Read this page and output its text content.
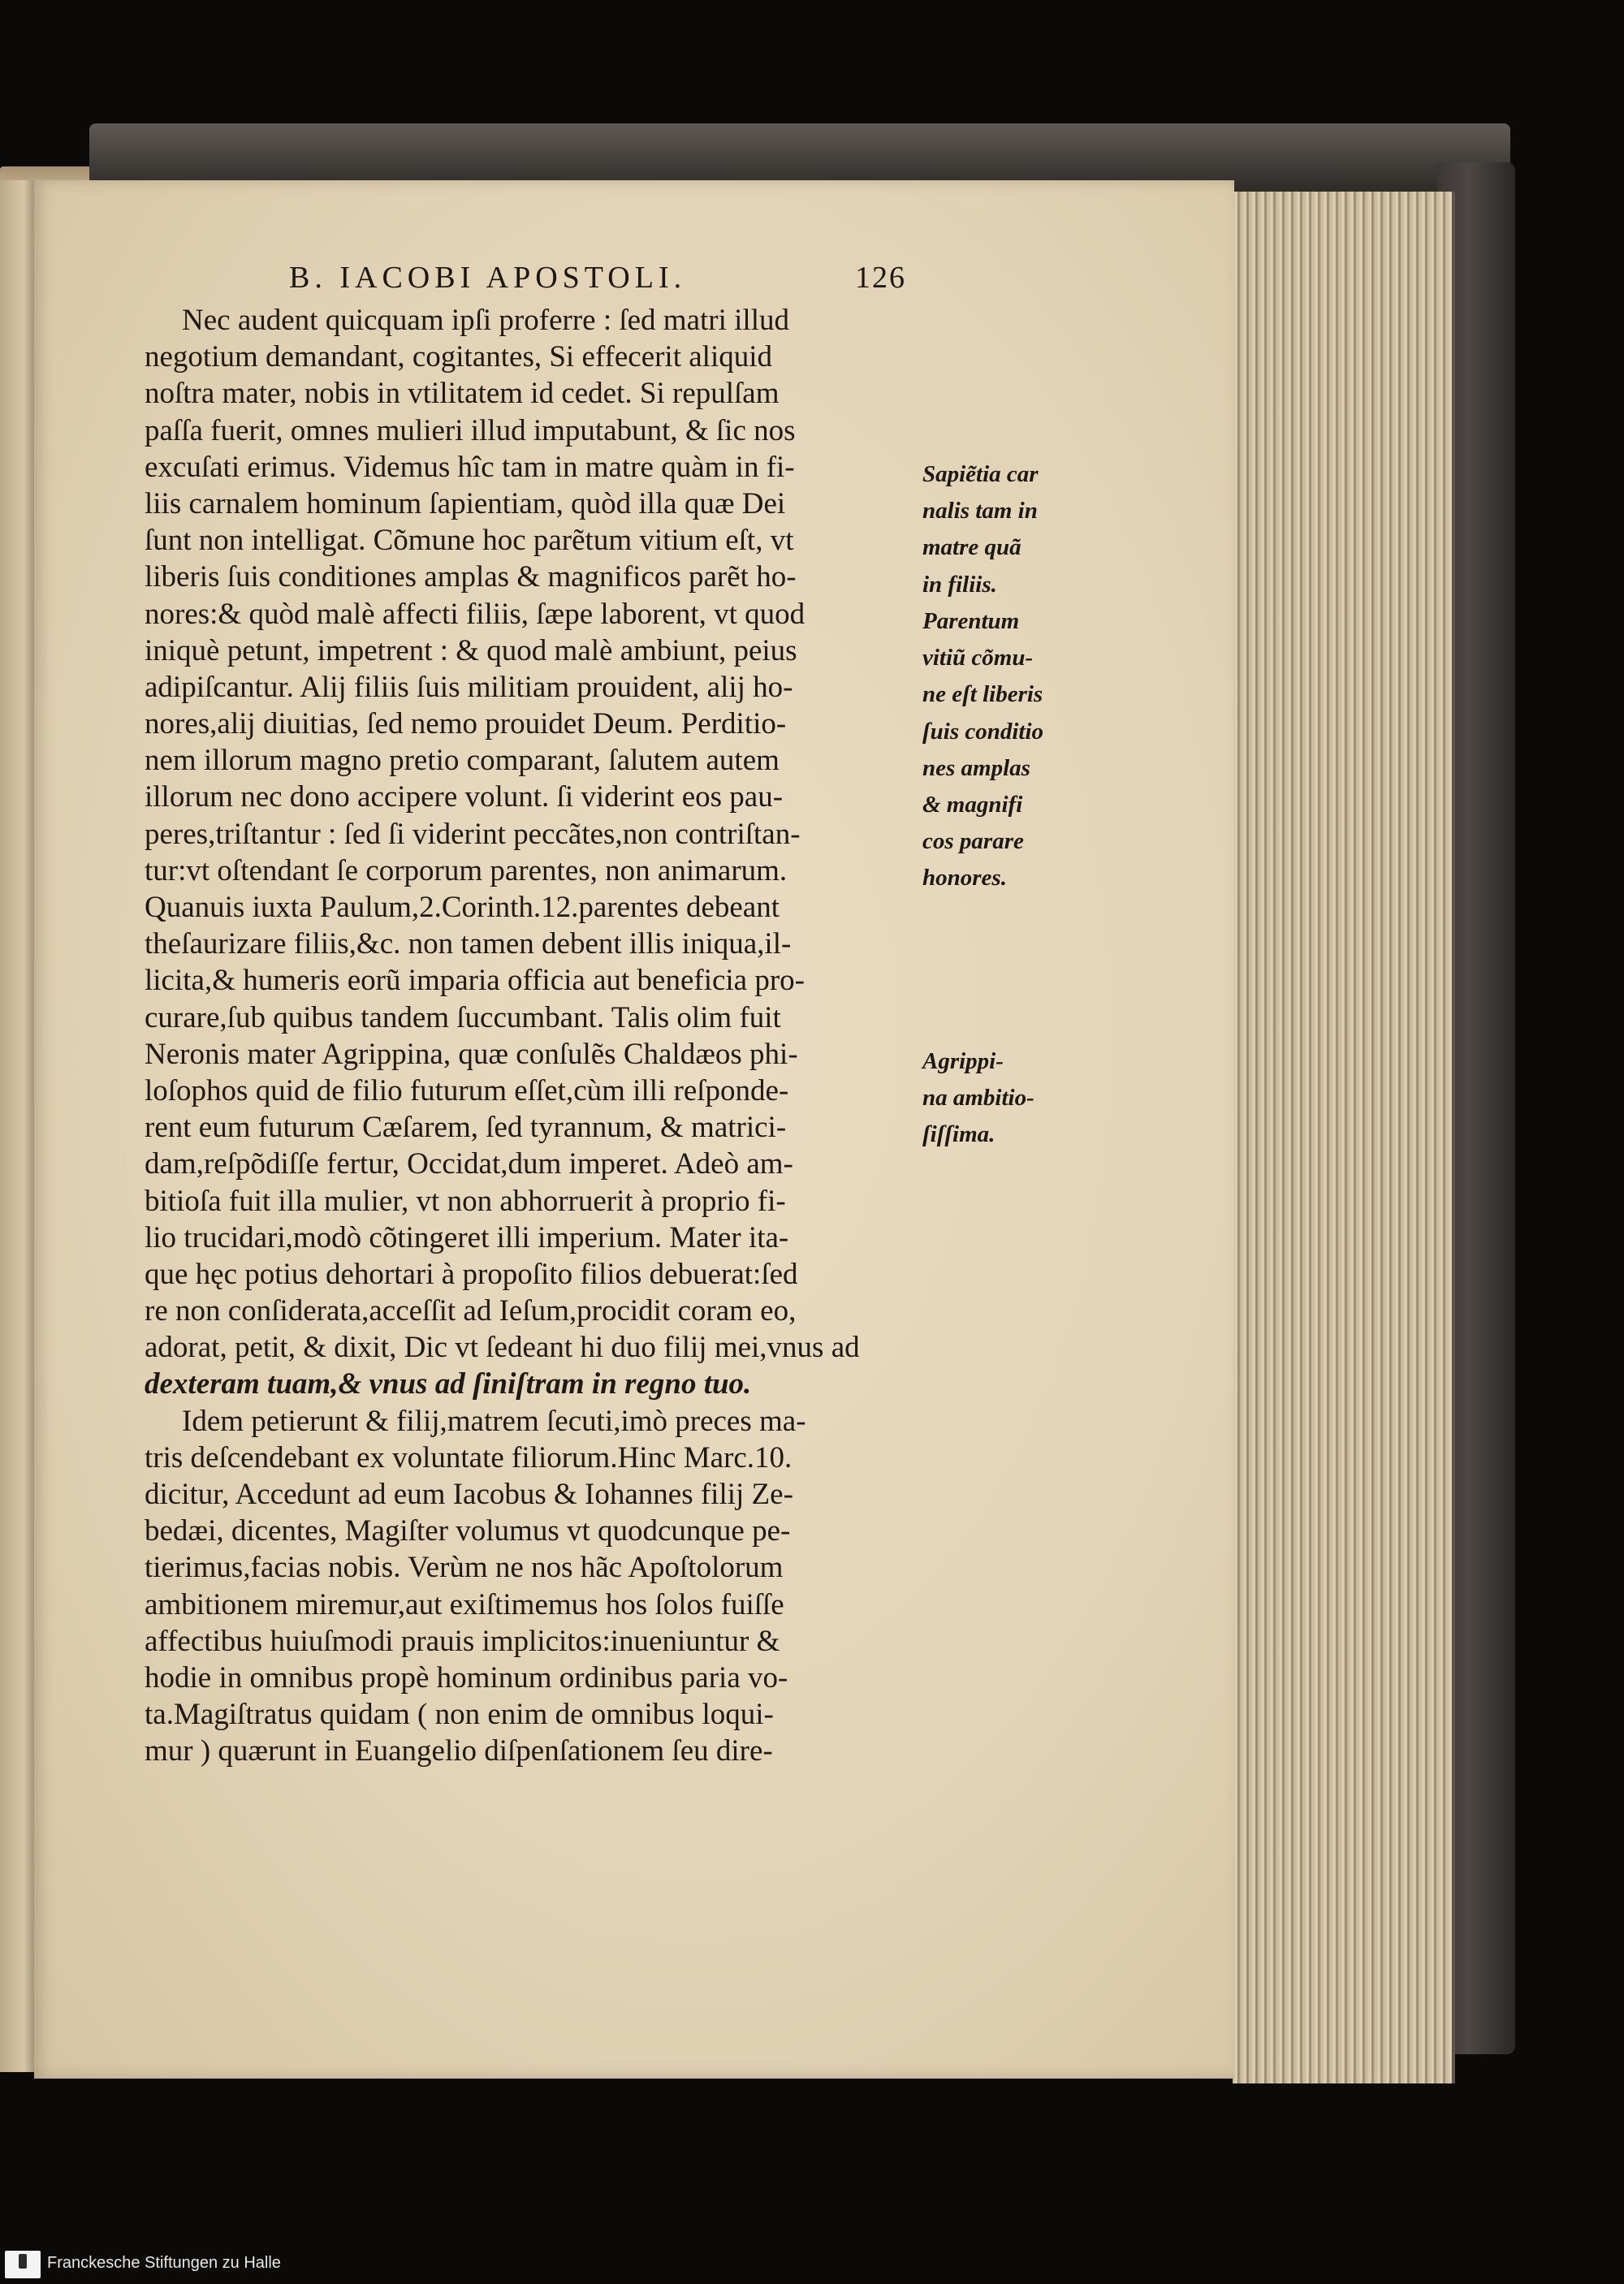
B. IACOBI APOSTOLI.	126
Nec audent quicquam ipſi proferre : ſed matri illud
negotium demandant, cogitantes, Si effecerit aliquid
noſtra mater, nobis in vtilitatem id cedet. Si repulſam
paſſa fuerit, omnes mulieri illud imputabunt, & ſic nos
excuſati erimus. Videmus hîc tam in matre quàm in fi-
liis carnalem hominum ſapientiam, quòd illa quæ Dei
ſunt non intelligat. Cõmune hoc parẽtum vitium eſt, vt
liberis ſuis conditiones amplas & magnificos parẽt ho-
nores:& quòd malè affecti filiis, ſæpe laborent, vt quod
iniquè petunt, impetrent : & quod malè ambiunt, peius
adipiſcantur. Alij filiis ſuis militiam prouident, alij ho-
nores,alij diuitias, ſed nemo prouidet Deum. Perditio-
nem illorum magno pretio comparant, ſalutem autem
illorum nec dono accipere volunt. ſi viderint eos pau-
peres,triſtantur : ſed ſi viderint peccãtes,non contriſtan-
tur:vt oſtendant ſe corporum parentes, non animarum.
Quanuis iuxta Paulum,2.Corinth.12.parentes debeant
theſaurizare filiis,&c. non tamen debent illis iniqua,il-
licita,& humeris eorũ imparia officia aut beneficia pro-
curare,ſub quibus tandem ſuccumbant. Talis olim fuit
Neronis mater Agrippina, quæ conſulẽs Chaldæos phi-
loſophos quid de filio futurum eſſet,cùm illi reſponde-
rent eum futurum Cæſarem, ſed tyrannum, & matrici-
dam,reſpõdiſſe fertur, Occidat,dum imperet. Adeò am-
bitioſa fuit illa mulier, vt non abhorruerit à proprio fi-
lio trucidari,modò cõtingeret illi imperium. Mater ita-
que hęc potius dehortari à propoſito filios debuerat:ſed
re non conſiderata,acceſſit ad Ieſum,procidit coram eo,
adorat, petit, & dixit, Dic vt ſedeant hi duo filij mei,vnus ad
dexteram tuam,& vnus ad ſiniſtram in regno tuo.
Idem petierunt & filij,matrem ſecuti,imò preces ma-
tris deſcendebant ex voluntate filiorum.Hinc Marc.10.
dicitur, Accedunt ad eum Iacobus & Iohannes filij Ze-
bedæi, dicentes, Magiſter volumus vt quodcunque pe-
tierimus,facias nobis. Verùm ne nos hãc Apoſtolorum
ambitionem miremur,aut exiſtimemus hos ſolos fuiſſe
affectibus huiuſmodi prauis implicitos:inueniuntur &
hodie in omnibus propè hominum ordinibus paria vo-
ta.Magiſtratus quidam ( non enim de omnibus loqui-
mur ) quærunt in Euangelio diſpenſationem ſeu dire-
Sapiẽtia car
nalis tam in
matre quã
in filiis.
Parentum
vitiũ cõmu-
ne eſt liberis
ſuis conditio
nes amplas
& magnifi
cos parare
honores.
Agrippi-
na ambitio-
ſiſſima.
Franckesche Stiftungen zu Halle
